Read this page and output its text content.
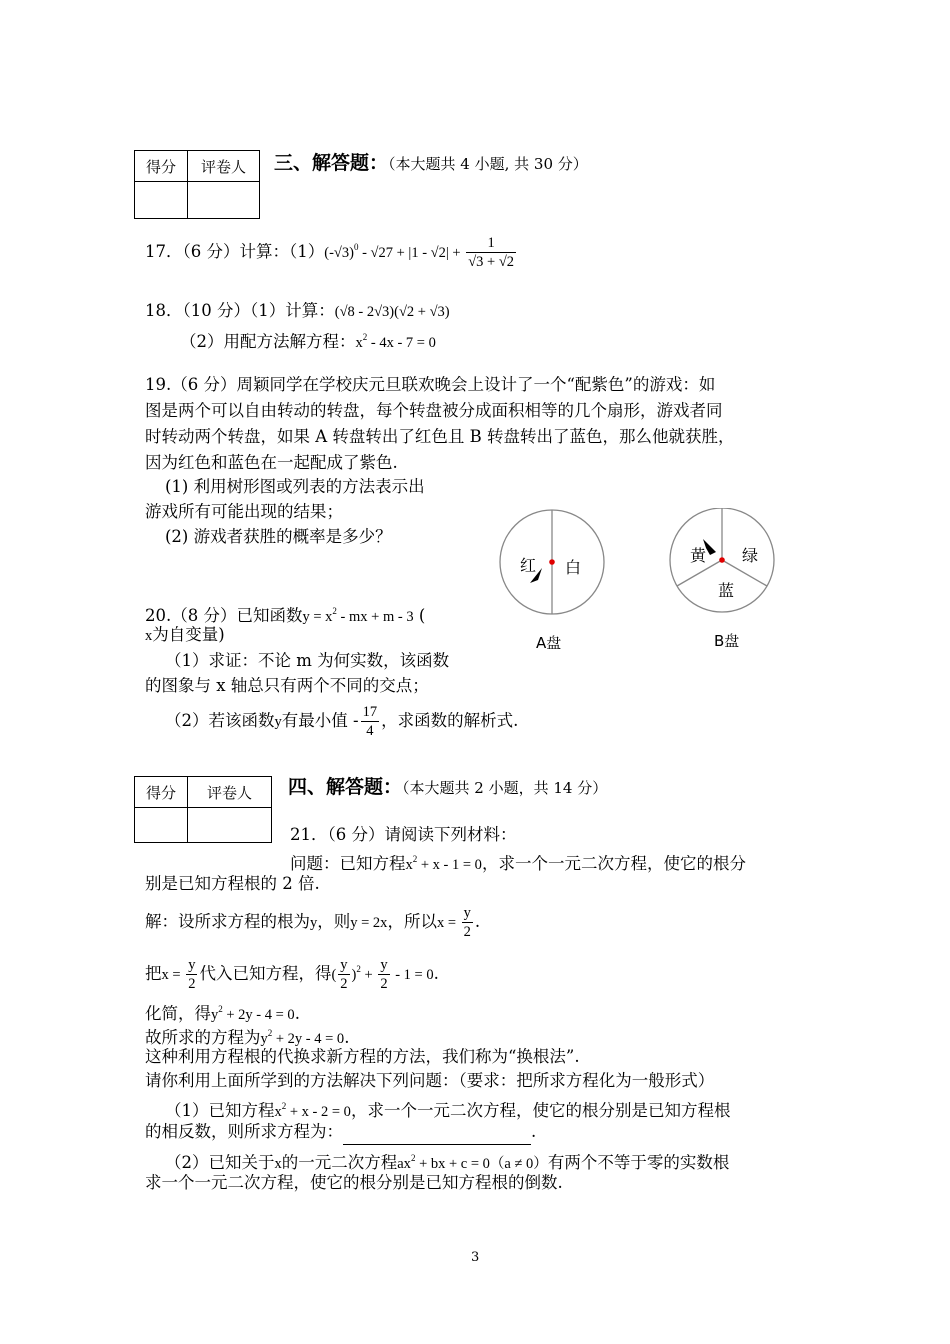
得分	评卷人
	三、解答题：（本大题共 4 小题, 共 30 分）
17．（6 分）计算：$(1)(-√3)^0 - √27 + |1 - √2| + \frac{1}{√3 + √2}$
18．（10 分）（1）计算：(√8 - 2√3)(√2 + √3)
（2）用配方法解方程：$x^2 - 4x - 7 = 0$
19.（6 分）周颖同学在学校庆元旦联欢晚会上设计了一个“配紫色”的游戏：如
图是两个可以自由转动的转盘，每个转盘被分成面积相等的几个扇形，游戏者同
时转动两个转盘，如果 A 转盘转出了红色且 B 转盘转出了蓝色，那么他就获胜，
因为红色和蓝色在一起配成了紫色.
(1) 利用树形图或列表的方法表示出
游戏所有可能出现的结果；
(2) 游戏者获胜的概率是多少？
红 白
A盘
黄 绿
蓝
B盘
20.（8 分）已知函数$y = x^2$ - mx + m - 3 (
x为自变量)
（1）求证：不论 m 为何实数，该函数
的图象与 x 轴总只有两个不同的交点；
（2）若该函数y有最小值 - $\frac{17}{4}$ ，求函数的解析式.
得分	评卷人
	四、解答题：（本大题共 2 小题，共 14 分）
21．（6 分）请阅读下列材料：
问题：已知方程$x^2 + x - 1 = 0$，求一个一元二次方程，使它的根分
别是已知方程根的 2 倍.
解：设所求方程的根为y，则y = 2x，所以$x = \frac{y}{2}$ .
把$x = \frac{y}{2}$ 代入已知方程，得( $\frac{y}{2} )^2 + \frac{y}{2} - 1 = 0$.
化简，得$y^2 + 2y - 4 = 0$.
故所求的方程为$y^2 + 2y - 4 = 0$.
这种利用方程根的代换求新方程的方法，我们称为“换根法”.
请你利用上面所学到的方法解决下列问题：（要求：把所求方程化为一般形式）
（1）已知方程$x^2 + x - 2 = 0$，求一个一元二次方程，使它的根分别是已知方程根
的相反数，则所求方程为：	.
（2）已知关于x的一元二次方程$ax^2$ + bx + c = 0（a ≠ 0）有两个不等于零的实数根
求一个一元二次方程，使它的根分别是已知方程根的倒数.
3
